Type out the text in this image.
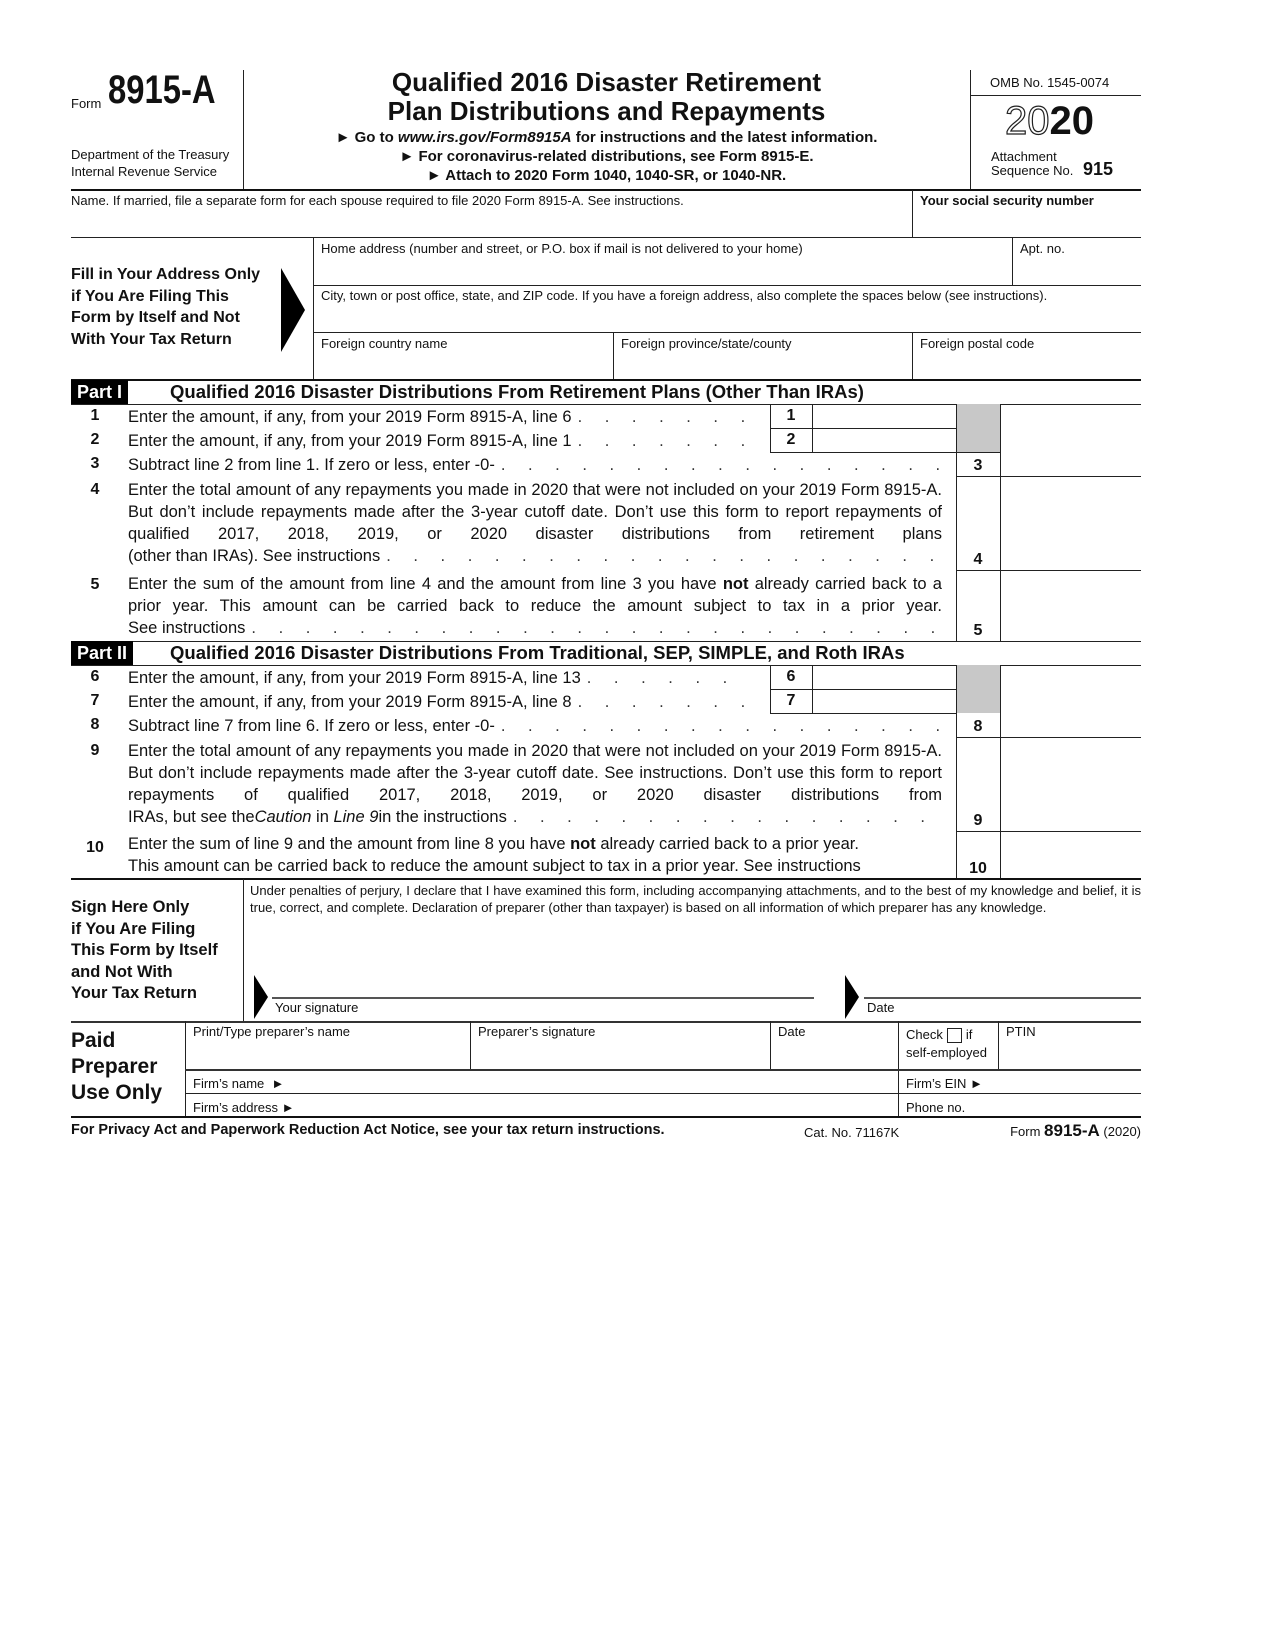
Form 8915-A
Department of the Treasury
Internal Revenue Service
Qualified 2016 Disaster Retirement
Plan Distributions and Repayments
► Go to www.irs.gov/Form8915A for instructions and the latest information.
► For coronavirus-related distributions, see Form 8915-E.
► Attach to 2020 Form 1040, 1040-SR, or 1040-NR.
OMB No. 1545-0074
2020
Attachment
Sequence No. 915
Name. If married, file a separate form for each spouse required to file 2020 Form 8915-A. See instructions.	Your social security number
Fill in Your Address Only
if You Are Filing This
Form by Itself and Not
With Your Tax Return
Home address (number and street, or P.O. box if mail is not delivered to your home)	Apt. no.
City, town or post office, state, and ZIP code. If you have a foreign address, also complete the spaces below (see instructions).
Foreign country name	Foreign province/state/county	Foreign postal code
Part I	Qualified 2016 Disaster Distributions From Retirement Plans (Other Than IRAs)
1	Enter the amount, if any, from your 2019 Form 8915-A, line 6 . . .	1
2	Enter the amount, if any, from your 2019 Form 8915-A, line 1 . . .	2
3	Subtract line 2 from line 1. If zero or less, enter -0- . . .	3
4	Enter the total amount of any repayments you made in 2020 that were not included on your 2019 Form 8915-A. But don’t include repayments made after the 3-year cutoff date. Don’t use this form to report repayments of qualified 2017, 2018, 2019, or 2020 disaster distributions from retirement plans
(other than IRAs). See instructions . . .	4
5	Enter the sum of the amount from line 4 and the amount from line 3 you have not already carried back to a prior year. This amount can be carried back to reduce the amount subject to tax in a prior year.
See instructions . . .	5
Part II	Qualified 2016 Disaster Distributions From Traditional, SEP, SIMPLE, and Roth IRAs
6	Enter the amount, if any, from your 2019 Form 8915-A, line 13 . . .	6
7	Enter the amount, if any, from your 2019 Form 8915-A, line 8 . . .	7
8	Subtract line 7 from line 6. If zero or less, enter -0- . . .	8
9	Enter the total amount of any repayments you made in 2020 that were not included on your 2019 Form 8915-A. But don’t include repayments made after the 3-year cutoff date. See instructions. Don’t use this form to report repayments of qualified 2017, 2018, 2019, or 2020 disaster distributions from
IRAs, but see the Caution in Line 9 in the instructions . . .	9
10	Enter the sum of line 9 and the amount from line 8 you have not already carried back to a prior year.
This amount can be carried back to reduce the amount subject to tax in a prior year. See instructions	10
Sign Here Only
if You Are Filing
This Form by Itself
and Not With
Your Tax Return
Under penalties of perjury, I declare that I have examined this form, including accompanying attachments, and to the best of my knowledge and belief, it is true, correct, and complete. Declaration of preparer (other than taxpayer) is based on all information of which preparer has any knowledge.
Your signature	Date
Paid
Preparer
Use Only
Print/Type preparer’s name	Preparer’s signature	Date	Check if
self-employed
PTIN
Firm’s name  ►	Firm’s EIN ►
Firm’s address ►	Phone no.
For Privacy Act and Paperwork Reduction Act Notice, see your tax return instructions.	Cat. No. 71167K	Form 8915-A (2020)
